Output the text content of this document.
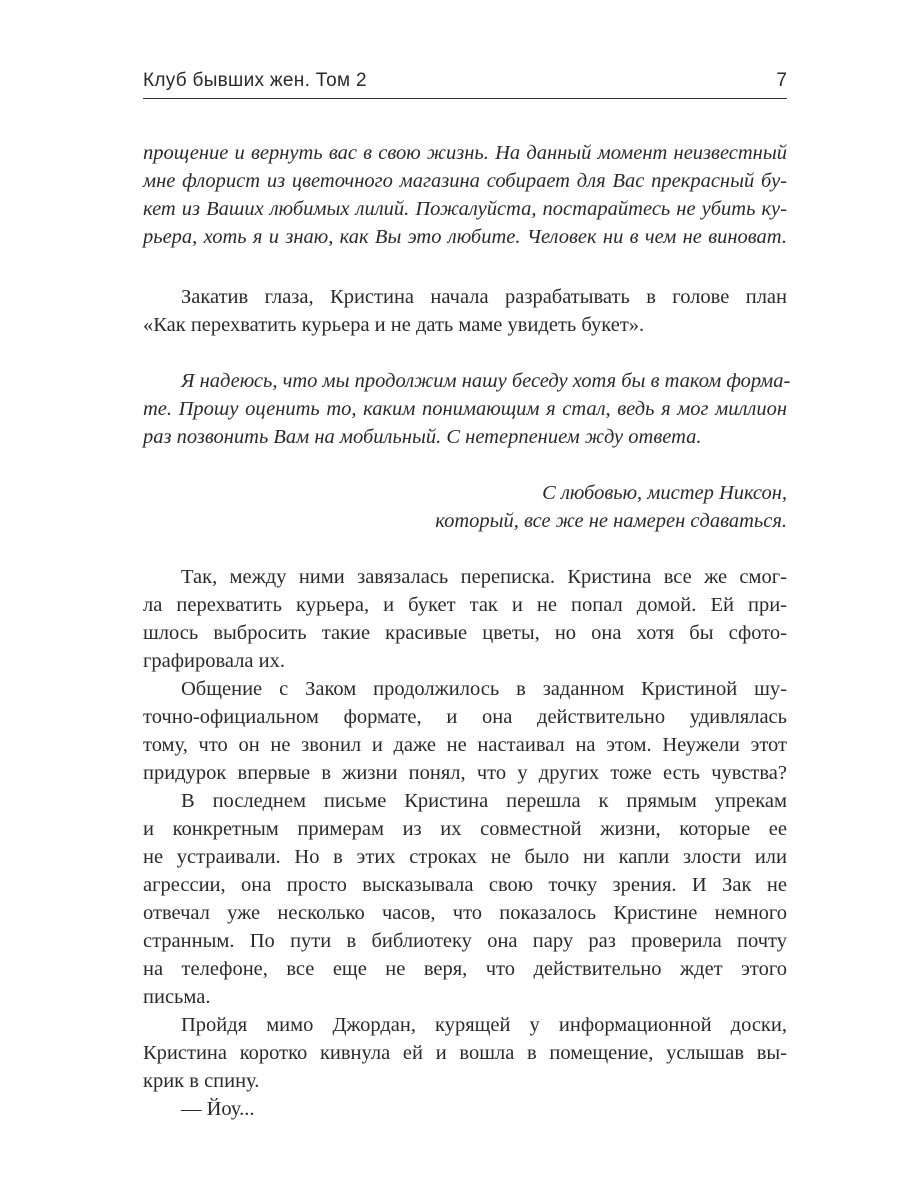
Клуб бывших жен. Том 2	7
прощение и вернуть вас в свою жизнь. На данный момент неизвестный
мне флорист из цветочного магазина собирает для Вас прекрасный бу-
кет из Ваших любимых лилий. Пожалуйста, постарайтесь не убить ку-
рьера, хоть я и знаю, как Вы это любите. Человек ни в чем не виноват.
Закатив глаза, Кристина начала разрабатывать в голове план
«Как перехватить курьера и не дать маме увидеть букет».
Я надеюсь, что мы продолжим нашу беседу хотя бы в таком форма-
те. Прошу оценить то, каким понимающим я стал, ведь я мог миллион
раз позвонить Вам на мобильный. С нетерпением жду ответа.
С любовью, мистер Никсон,
который, все же не намерен сдаваться.
Так, между ними завязалась переписка. Кристина все же смог-
ла перехватить курьера, и букет так и не попал домой. Ей при-
шлось выбросить такие красивые цветы, но она хотя бы сфото-
графировала их.
Общение с Заком продолжилось в заданном Кристиной шу-
точно-официальном формате, и она действительно удивлялась
тому, что он не звонил и даже не настаивал на этом. Неужели этот
придурок впервые в жизни понял, что у других тоже есть чувства?
В последнем письме Кристина перешла к прямым упрекам
и конкретным примерам из их совместной жизни, которые ее
не устраивали. Но в этих строках не было ни капли злости или
агрессии, она просто высказывала свою точку зрения. И Зак не
отвечал уже несколько часов, что показалось Кристине немного
странным. По пути в библиотеку она пару раз проверила почту
на телефоне, все еще не веря, что действительно ждет этого
письма.
Пройдя мимо Джордан, курящей у информационной доски,
Кристина коротко кивнула ей и вошла в помещение, услышав вы-
крик в спину.
— Йоу...
